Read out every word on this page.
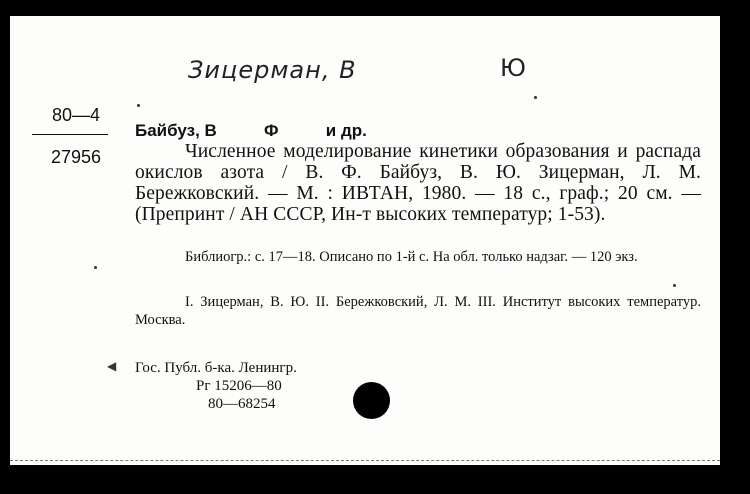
Зицерман, В	Ю
80—4
27956
Байбуз, В          Ф          и др.
Численное моделирование кинетики образования и распада окислов азота / В. Ф. Байбуз, В. Ю. Зицерман, Л. М. Бережковский. — М. : ИВТАН, 1980. — 18 с., граф.; 20 см. — (Препринт / АН СССР, Ин-т высоких температур; 1-53).
Библиогр.: с. 17—18. Описано по 1-й с. На обл. только надзаг. — 120 экз.
I. Зицерман, В. Ю. II. Бережковский, Л. М. III. Институт высоких температур. Москва.
◀ Гос. Публ. б-ка. Ленингр.
Рг 15206—80
80—68254
